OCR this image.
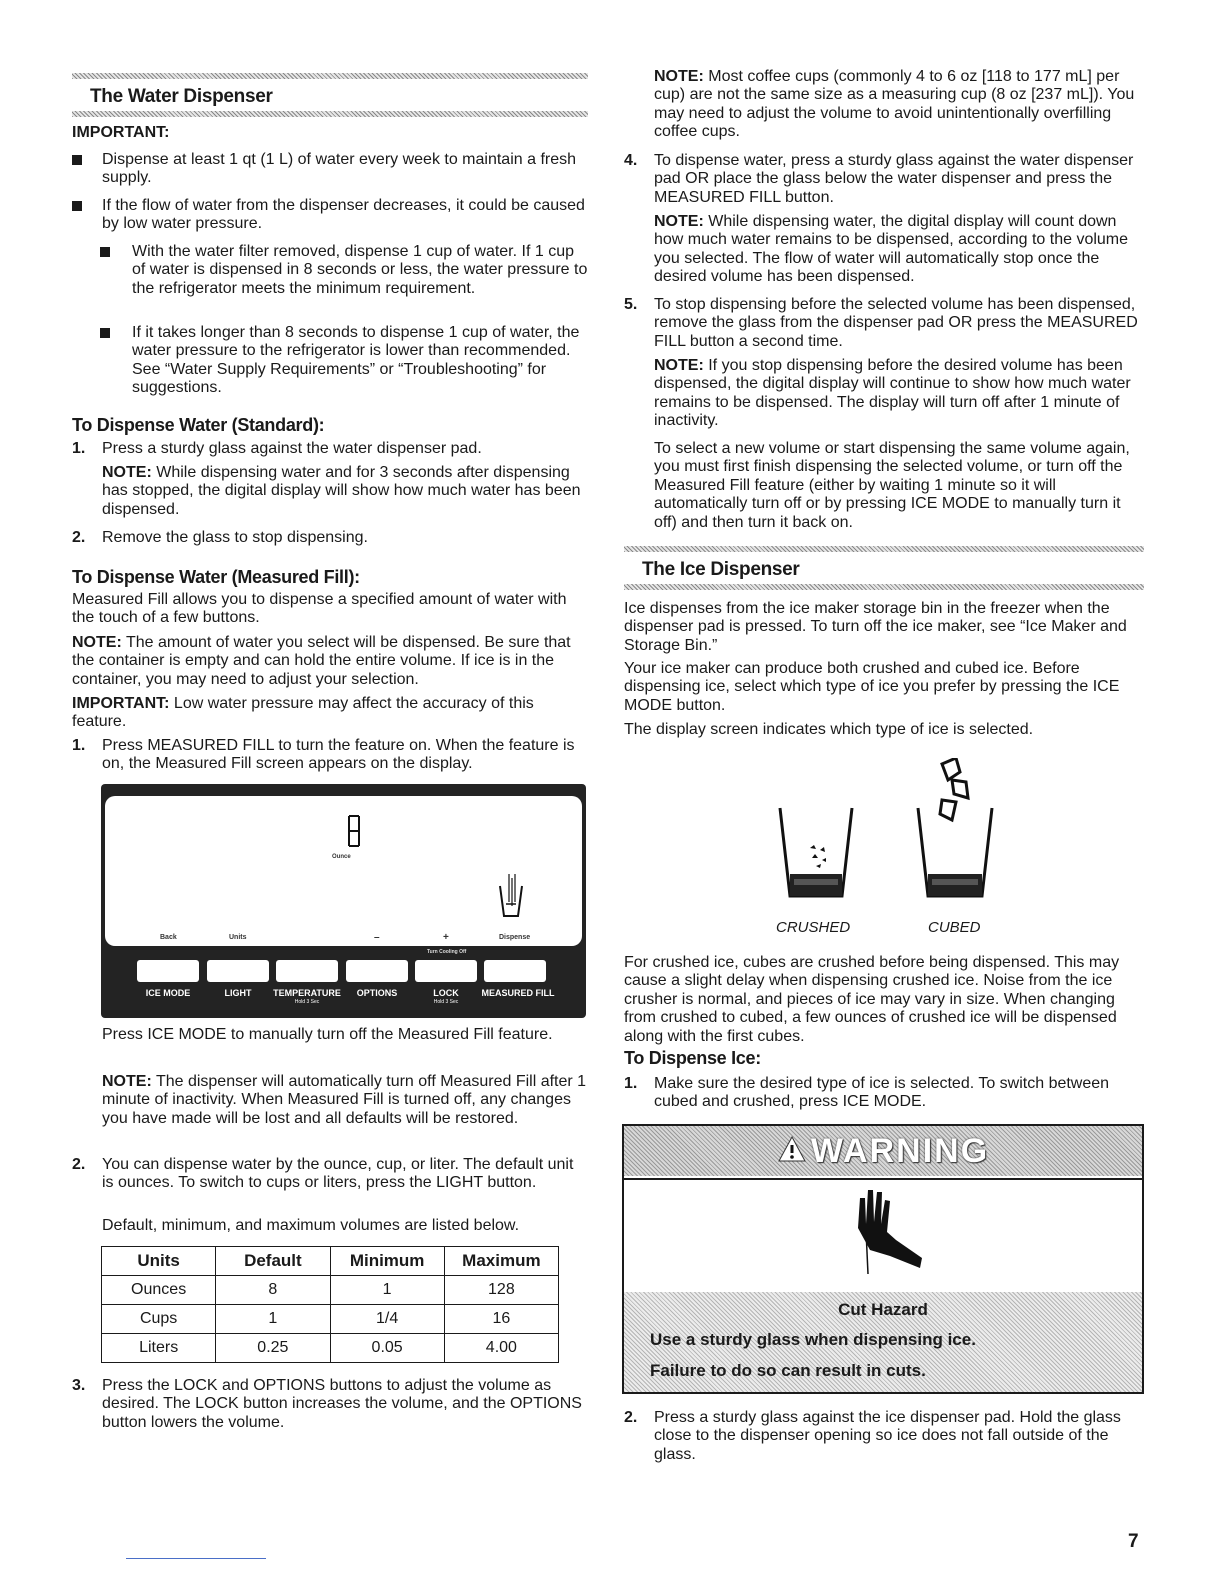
The Water Dispenser
IMPORTANT:

Dispense at least 1 qt (1 L) of water every week to maintain a fresh supply.

If the flow of water from the dispenser decreases, it could be caused by low water pressure.

With the water filter removed, dispense 1 cup of water. If 1 cup of water is dispensed in 8 seconds or less, the water pressure to the refrigerator meets the minimum requirement.

If it takes longer than 8 seconds to dispense 1 cup of water, the water pressure to the refrigerator is lower than recommended. See “Water Supply Requirements” or “Troubleshooting” for suggestions.

To Dispense Water (Standard):
1.	Press a sturdy glass against the water dispenser pad.

NOTE: While dispensing water and for 3 seconds after dispensing has stopped, the digital display will show how much water has been dispensed.

2.	Remove the glass to stop dispensing.

To Dispense Water (Measured Fill):

Measured Fill allows you to dispense a specified amount of water with the touch of a few buttons.

NOTE: The amount of water you select will be dispensed. Be sure that the container is empty and can hold the entire volume. If ice is in the container, you may need to adjust your selection.

IMPORTANT: Low water pressure may affect the accuracy of this feature.

1.	Press MEASURED FILL to turn the feature on. When the feature is on, the Measured Fill screen appears on the display.

Ounce
Back	Units	–	+	Dispense
Turn Cooling Off
ICE MODE	LIGHT	TEMPERATURE	OPTIONS	LOCK	MEASURED FILL
Hold 3 Sec	Hold 3 Sec

Press ICE MODE to manually turn off the Measured Fill feature.

NOTE: The dispenser will automatically turn off Measured Fill after 1 minute of inactivity. When Measured Fill is turned off, any changes you have made will be lost and all defaults will be restored.

2.	You can dispense water by the ounce, cup, or liter. The default unit is ounces. To switch to cups or liters, press the LIGHT button.

Default, minimum, and maximum volumes are listed below.

Units	Default	Minimum	Maximum
Ounces	8	1	128
Cups	1	1/4	16
Liters	0.25	0.05	4.00
3.	Press the LOCK and OPTIONS buttons to adjust the volume as desired. The LOCK button increases the volume, and the OPTIONS button lowers the volume.

NOTE: Most coffee cups (commonly 4 to 6 oz [118 to 177 mL] per cup) are not the same size as a measuring cup (8 oz [237 mL]). You may need to adjust the volume to avoid unintentionally overfilling coffee cups.

4.	To dispense water, press a sturdy glass against the water dispenser pad OR place the glass below the water dispenser and press the MEASURED FILL button.

NOTE: While dispensing water, the digital display will count down how much water remains to be dispensed, according to the volume you selected. The flow of water will automatically stop once the desired volume has been dispensed.

5.	To stop dispensing before the selected volume has been dispensed, remove the glass from the dispenser pad OR press the MEASURED FILL button a second time.

NOTE: If you stop dispensing before the desired volume has been dispensed, the digital display will continue to show how much water remains to be dispensed. The display will turn off after 1 minute of inactivity.

To select a new volume or start dispensing the same volume again, you must first finish dispensing the selected volume, or turn off the Measured Fill feature (either by waiting 1 minute so it will automatically turn off or by pressing ICE MODE to manually turn it off) and then turn it back on.

The Ice Dispenser

Ice dispenses from the ice maker storage bin in the freezer when the dispenser pad is pressed. To turn off the ice maker, see “Ice Maker and Storage Bin.”

Your ice maker can produce both crushed and cubed ice. Before dispensing ice, select which type of ice you prefer by pressing the ICE MODE button.

The display screen indicates which type of ice is selected.

CRUSHED	CUBED

For crushed ice, cubes are crushed before being dispensed. This may cause a slight delay when dispensing crushed ice. Noise from the ice crusher is normal, and pieces of ice may vary in size. When changing from crushed to cubed, a few ounces of crushed ice will be dispensed along with the first cubes.

To Dispense Ice:
1.	Make sure the desired type of ice is selected. To switch between cubed and crushed, press ICE MODE.

WARNING
Cut Hazard
Use a sturdy glass when dispensing ice.
Failure to do so can result in cuts.
2.	Press a sturdy glass against the ice dispenser pad. Hold the glass close to the dispenser opening so ice does not fall outside of the glass.

7
